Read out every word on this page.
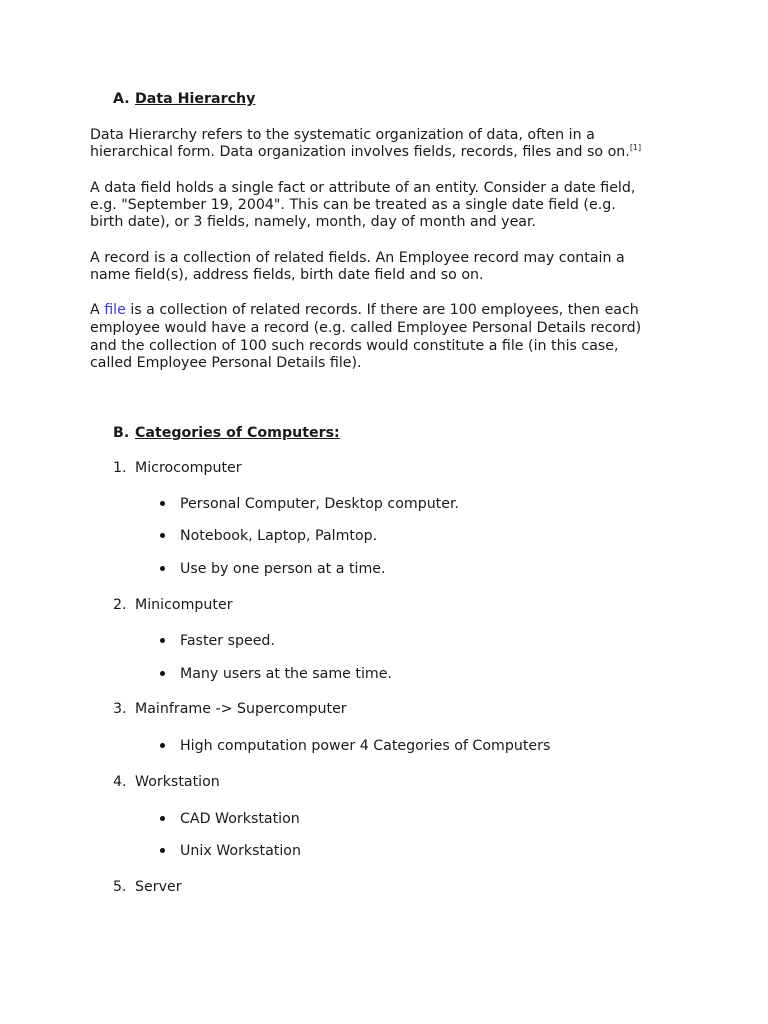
A. Data Hierarchy
Data Hierarchy refers to the systematic organization of data, often in a
hierarchical form. Data organization involves fields, records, files and so on.[1]
A data field holds a single fact or attribute of an entity. Consider a date field,
e.g. "September 19, 2004". This can be treated as a single date field (e.g.
birth date), or 3 fields, namely, month, day of month and year.
A record is a collection of related fields. An Employee record may contain a
name field(s), address fields, birth date field and so on.
A file is a collection of related records. If there are 100 employees, then each
employee would have a record (e.g. called Employee Personal Details record)
and the collection of 100 such records would constitute a file (in this case,
called Employee Personal Details file).
B. Categories of Computers:
1. Microcomputer
Personal Computer, Desktop computer.
Notebook, Laptop, Palmtop.
Use by one person at a time.
2. Minicomputer
Faster speed.
Many users at the same time.
3. Mainframe -> Supercomputer
High computation power 4 Categories of Computers
4. Workstation
CAD Workstation
Unix Workstation
5. Server
